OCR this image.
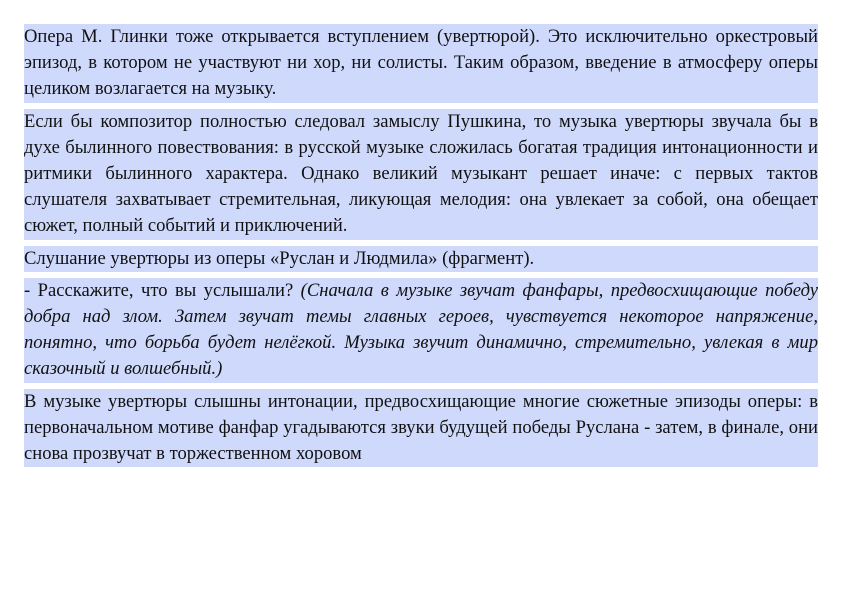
Опера М. Глинки тоже открывается вступлением (увертюрой). Это исключительно оркестровый эпизод, в котором не участвуют ни хор, ни солисты. Таким образом, введение в атмосферу оперы целиком возлагается на музыку.

Если бы композитор полностью следовал замыслу Пушкина, то музыка увертюры звучала бы в духе былинного повествования: в русской музыке сложилась богатая традиция интонационности и ритмики былинного характера. Однако великий музыкант решает иначе: с первых тактов слушателя захватывает стремительная, ликующая мелодия: она увлекает за собой, она обещает сюжет, полный событий и приключений.

Слушание увертюры из оперы «Руслан и Людмила» (фрагмент).

- Расскажите, что вы услышали? (Сначала в музыке звучат фанфары, предвосхищающие победу добра над злом. Затем звучат темы главных героев, чувствуется некоторое напряжение, понятно, что борьба будет нелёгкой. Музыка звучит динамично, стремительно, увлекая в мир сказочный и волшебный.)

В музыке увертюры слышны интонации, предвосхищающие многие сюжетные эпизоды оперы: в первоначальном мотиве фанфар угадываются звуки будущей победы Руслана - затем, в финале, они снова прозвучат в торжественном хоровом
